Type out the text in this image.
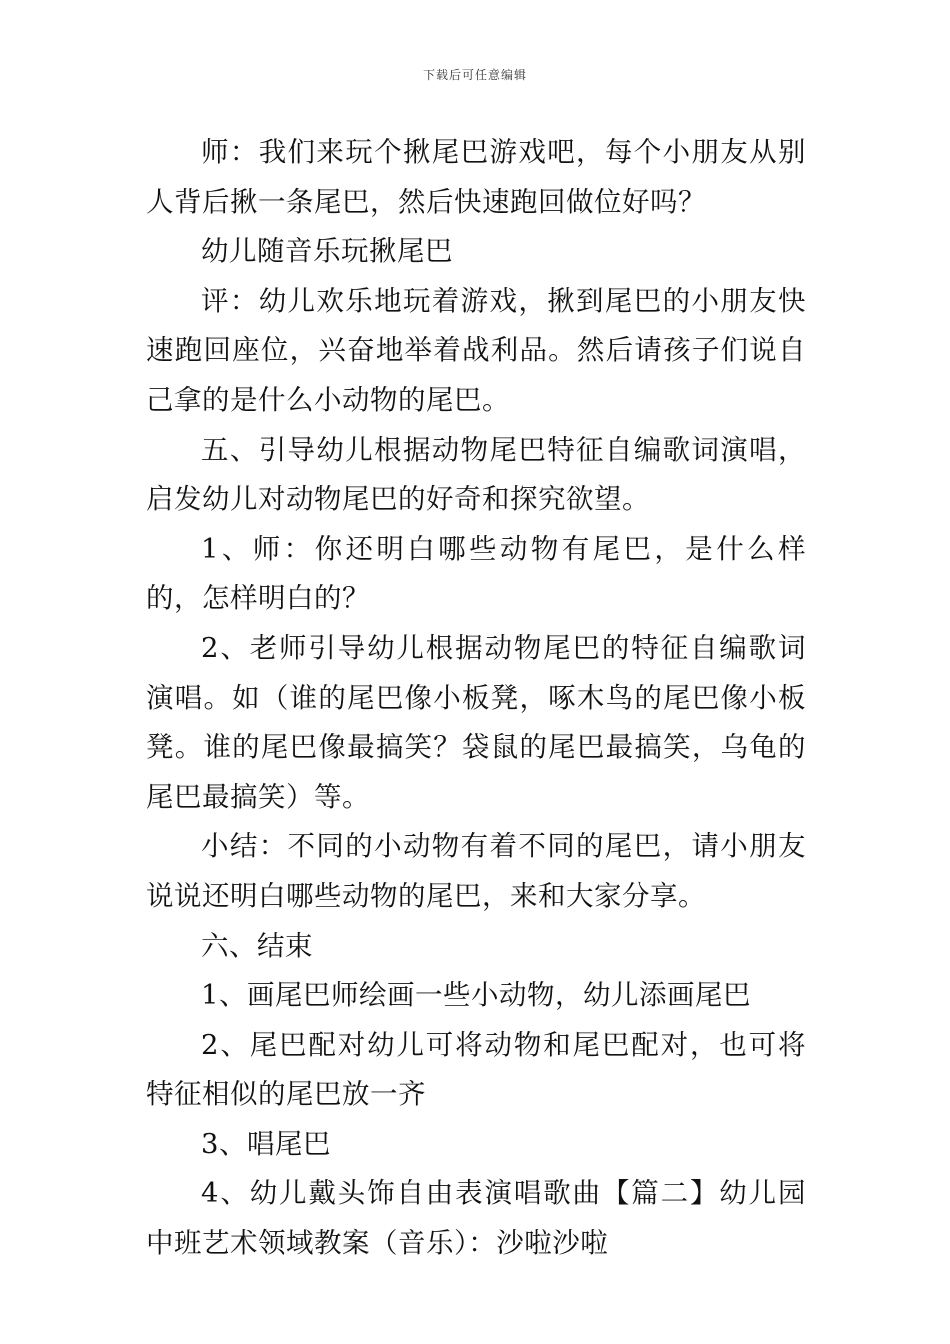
下载后可任意编辑

师：我们来玩个揪尾巴游戏吧，每个小朋友从别人背后揪一条尾巴，然后快速跑回做位好吗？

幼儿随音乐玩揪尾巴

评：幼儿欢乐地玩着游戏，揪到尾巴的小朋友快速跑回座位，兴奋地举着战利品。然后请孩子们说自己拿的是什么小动物的尾巴。

五、引导幼儿根据动物尾巴特征自编歌词演唱，启发幼儿对动物尾巴的好奇和探究欲望。

1、师：你还明白哪些动物有尾巴，是什么样的，怎样明白的？

2、老师引导幼儿根据动物尾巴的特征自编歌词演唱。如（谁的尾巴像小板凳，啄木鸟的尾巴像小板凳。谁的尾巴像最搞笑？袋鼠的尾巴最搞笑，乌龟的尾巴最搞笑）等。

小结：不同的小动物有着不同的尾巴，请小朋友说说还明白哪些动物的尾巴，来和大家分享。

六、结束

1、画尾巴师绘画一些小动物，幼儿添画尾巴

2、尾巴配对幼儿可将动物和尾巴配对，也可将特征相似的尾巴放一齐

3、唱尾巴

4、幼儿戴头饰自由表演唱歌曲【篇二】幼儿园中班艺术领域教案（音乐）：沙啦沙啦
